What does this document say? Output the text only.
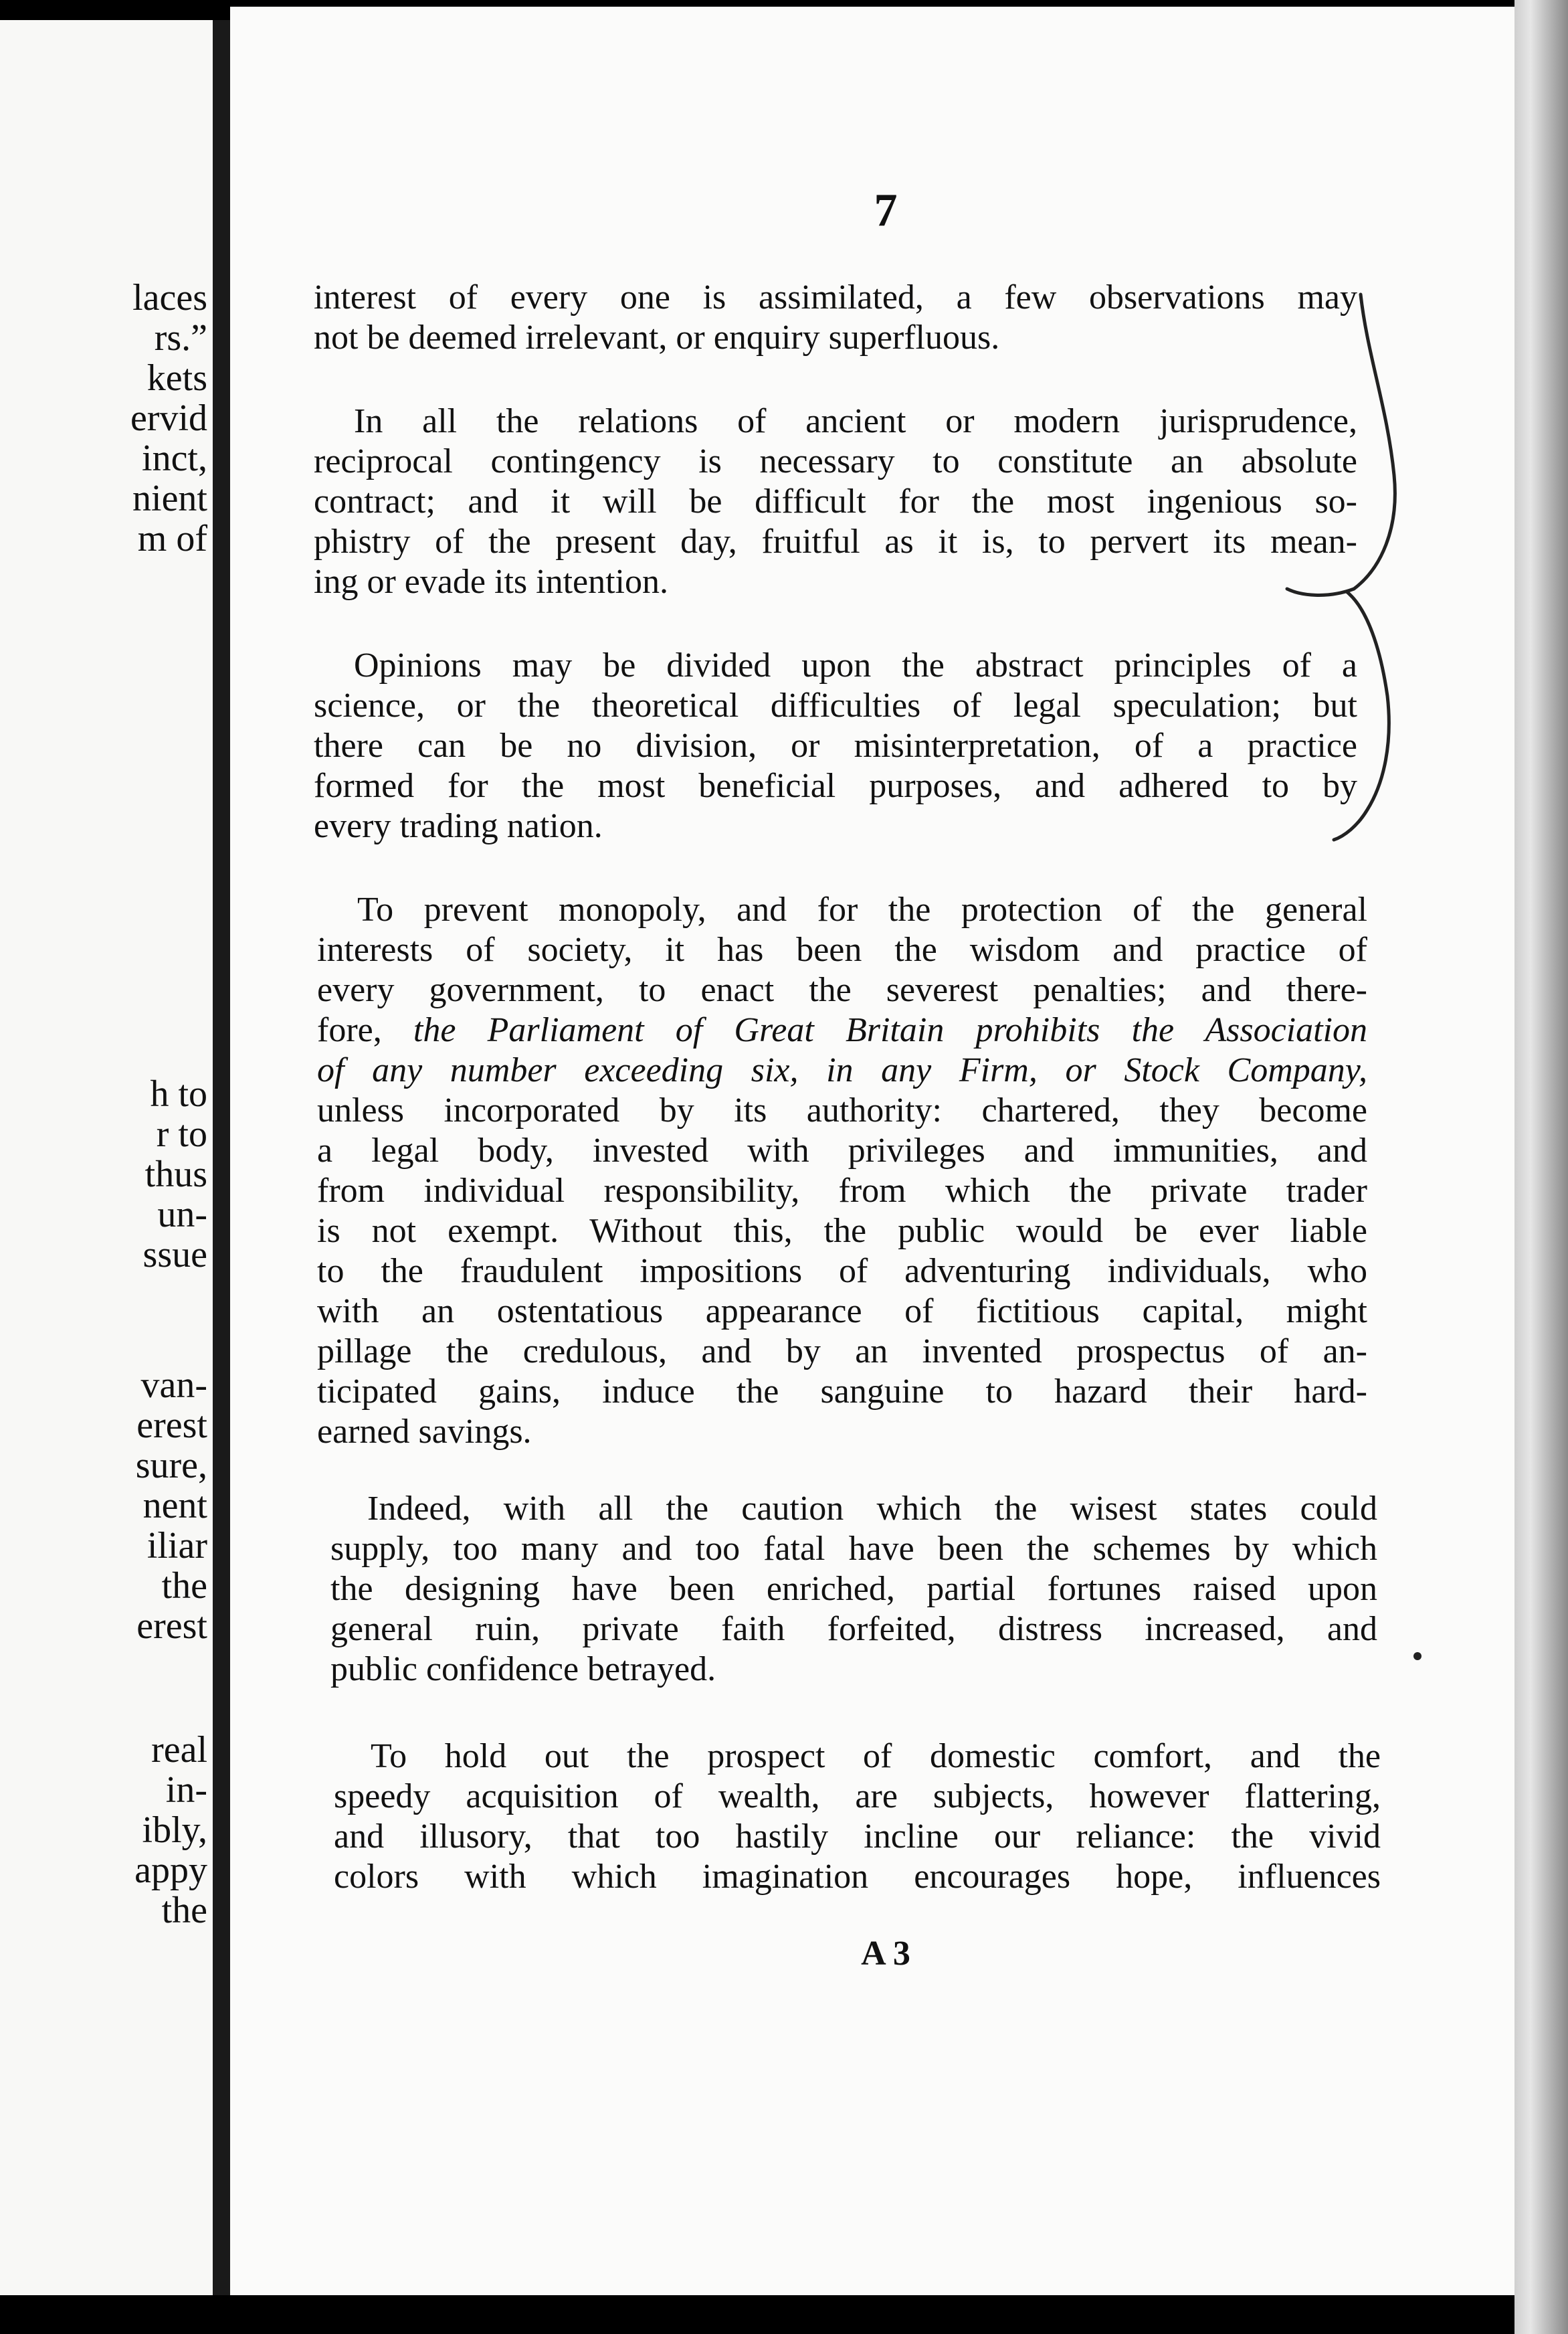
laces
rs.”
kets
ervid
inct,
nient
m of
h to
r to
thus
un-
ssue
van-
erest
sure,
nent
iliar
the
erest
real
in-
ibly,
appy
the
7
interest of every one is assimilated, a few observations may
not be deemed irrelevant, or enquiry superfluous.
In all the relations of ancient or modern jurisprudence,
reciprocal contingency is necessary to constitute an absolute
contract; and it will be difficult for the most ingenious so-
phistry of the present day, fruitful as it is, to pervert its mean-
ing or evade its intention.
Opinions may be divided upon the abstract principles of a
science, or the theoretical difficulties of legal speculation; but
there can be no division, or misinterpretation, of a practice
formed for the most beneficial purposes, and adhered to by
every trading nation.
To prevent monopoly, and for the protection of the general
interests of society, it has been the wisdom and practice of
every government, to enact the severest penalties; and there-
fore, the Parliament of Great Britain prohibits the Association
of any number exceeding six, in any Firm, or Stock Company,
unless incorporated by its authority: chartered, they become
a legal body, invested with privileges and immunities, and
from individual responsibility, from which the private trader
is not exempt. Without this, the public would be ever liable
to the fraudulent impositions of adventuring individuals, who
with an ostentatious appearance of fictitious capital, might
pillage the credulous, and by an invented prospectus of an-
ticipated gains, induce the sanguine to hazard their hard-
earned savings.
Indeed, with all the caution which the wisest states could
supply, too many and too fatal have been the schemes by which
the designing have been enriched, partial fortunes raised upon
general ruin, private faith forfeited, distress increased, and
public confidence betrayed.
To hold out the prospect of domestic comfort, and the
speedy acquisition of wealth, are subjects, however flattering,
and illusory, that too hastily incline our reliance: the vivid
colors with which imagination encourages hope, influences
A 3
